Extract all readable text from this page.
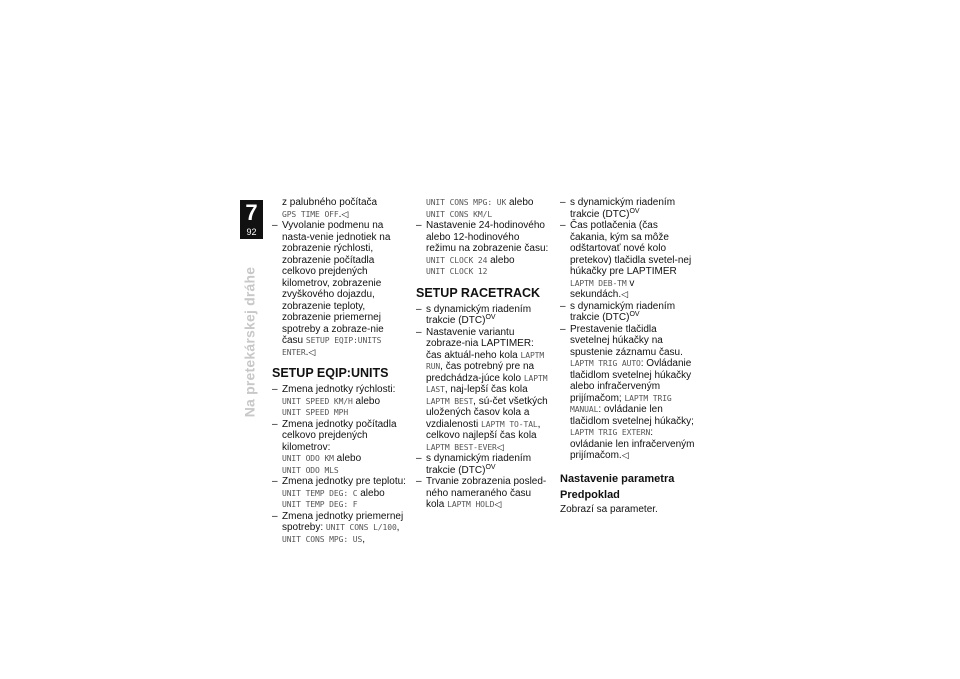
Na pretekárskej dráhe
7
92

z palubného počítača
GPS TIME OFF.◁

– Vyvolanie podmenu na nasta-venie jednotiek na zobrazenie rýchlosti, zobrazenie počítadla celkovo prejdených kilometrov, zobrazenie zvyškového dojazdu, zobrazenie teploty, zobrazenie priemernej spotreby a zobraze-nie času SETUP EQIP:UNITS ENTER.◁

SETUP EQIP:UNITS

– Zmena jednotky rýchlosti:
UNIT SPEED KM/H alebo
UNIT SPEED MPH

– Zmena jednotky počítadla celkovo prejdených kilometrov:
UNIT ODO KM alebo
UNIT ODO MLS

– Zmena jednotky pre teplotu:
UNIT TEMP DEG: C alebo
UNIT TEMP DEG: F

– Zmena jednotky priemernej spotreby: UNIT CONS L/100,
UNIT CONS MPG: US,

UNIT CONS MPG: UK alebo
UNIT CONS KM/L

– Nastavenie 24-hodinového alebo 12-hodinového režimu na zobrazenie času:
UNIT CLOCK 24 alebo
UNIT CLOCK 12

SETUP RACETRACK

– s dynamickým riadením trakcie (DTC)$^{OV}$

– Nastavenie variantu zobraze-nia LAPTIMER: čas aktuál-neho kola LAPTM RUN, čas potrebný pre na predchádza-júce kolo LAPTM LAST, naj-lepší čas kola LAPTM BEST, sú-čet všetkých uložených časov kola a vzdialenosti LAPTM TO-TAL, celkovo najlepší čas kola LAPTM BEST-EVER◁

– s dynamickým riadením trakcie (DTC)$^{OV}$

– Trvanie zobrazenia posled-ného nameraného času kola LAPTM HOLD◁

– s dynamickým riadením trakcie (DTC)$^{OV}$

– Čas potlačenia (čas čakania, kým sa môže odštartovať nové kolo pretekov) tlačidla svetel-nej húkačky pre LAPTIMER LAPTM DEB-TM v sekundách.◁

– s dynamickým riadením trakcie (DTC)$^{OV}$

– Prestavenie tlačidla svetelnej húkačky na spustenie záznamu času. LAPTM TRIG AUTO: Ovládanie tlačidlom svetelnej húkačky alebo infračerveným prijímačom; LAPTM TRIG MANUAL: ovládanie len tlačidlom svetelnej húkačky; LAPTM TRIG EXTERN: ovládanie len infračerveným prijímačom.◁

Nastavenie parametra
Predpoklad

Zobrazí sa parameter.
